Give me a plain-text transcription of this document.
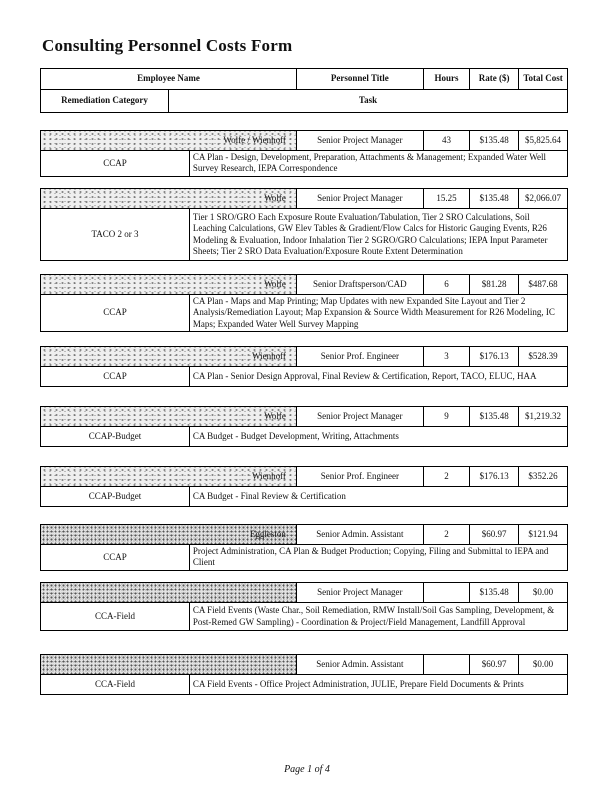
Consulting Personnel Costs Form
Employee Name	Personnel Title	Hours	Rate ($)	Total Cost
Remediation Category	Task
Wolfe / Wienhoff		Senior Project Manager	43	$135.48	$5,825.64
CCAP	CA Plan - Design, Development, Preparation, Attachments & Management; Expanded Water Well Survey Research, IEPA Correspondence				
Wolfe		Senior Project Manager	15.25	$135.48	$2,066.07
TACO 2 or 3	Tier 1 SRO/GRO Each Exposure Route Evaluation/Tabulation, Tier 2 SRO Calculations, Soil Leaching Calculations, GW Elev Tables & Gradient/Flow Calcs for Historic Gauging Events, R26 Modeling & Evaluation, Indoor Inhalation Tier 2 SGRO/GRO Calculations; IEPA Input Parameter Sheets; Tier 2 SRO Data Evaluation/Exposure Route Extent Determination				
Wolfe		Senior Draftsperson/CAD	6	$81.28	$487.68
CCAP	CA Plan - Maps and Map Printing; Map Updates with new Expanded Site Layout and Tier 2 Analysis/Remediation Layout; Map Expansion & Source Width Measurement for R26 Modeling, IC Maps; Expanded Water Well Survey Mapping				
Wienhoff		Senior Prof. Engineer	3	$176.13	$528.39
CCAP	CA Plan - Senior Design Approval, Final Review & Certification, Report, TACO, ELUC, HAA				
Wolfe		Senior Project Manager	9	$135.48	$1,219.32
CCAP-Budget	CA Budget - Budget Development, Writing, Attachments				
Wienhoff		Senior Prof. Engineer	2	$176.13	$352.26
CCAP-Budget	CA Budget - Final Review & Certification				
Eggleston		Senior Admin. Assistant	2	$60.97	$121.94
CCAP	Project Administration, CA Plan & Budget Production; Copying, Filing and Submittal to IEPA and Client				
		Senior Project Manager		$135.48	$0.00
CCA-Field	CA Field Events (Waste Char., Soil Remediation, RMW Install/Soil Gas Sampling, Development, & Post-Remed GW Sampling) - Coordination & Project/Field Management, Landfill Approval				
		Senior Admin. Assistant		$60.97	$0.00
CCA-Field	CA Field Events - Office Project Administration, JULIE, Prepare Field Documents & Prints				
Page 1 of 4
